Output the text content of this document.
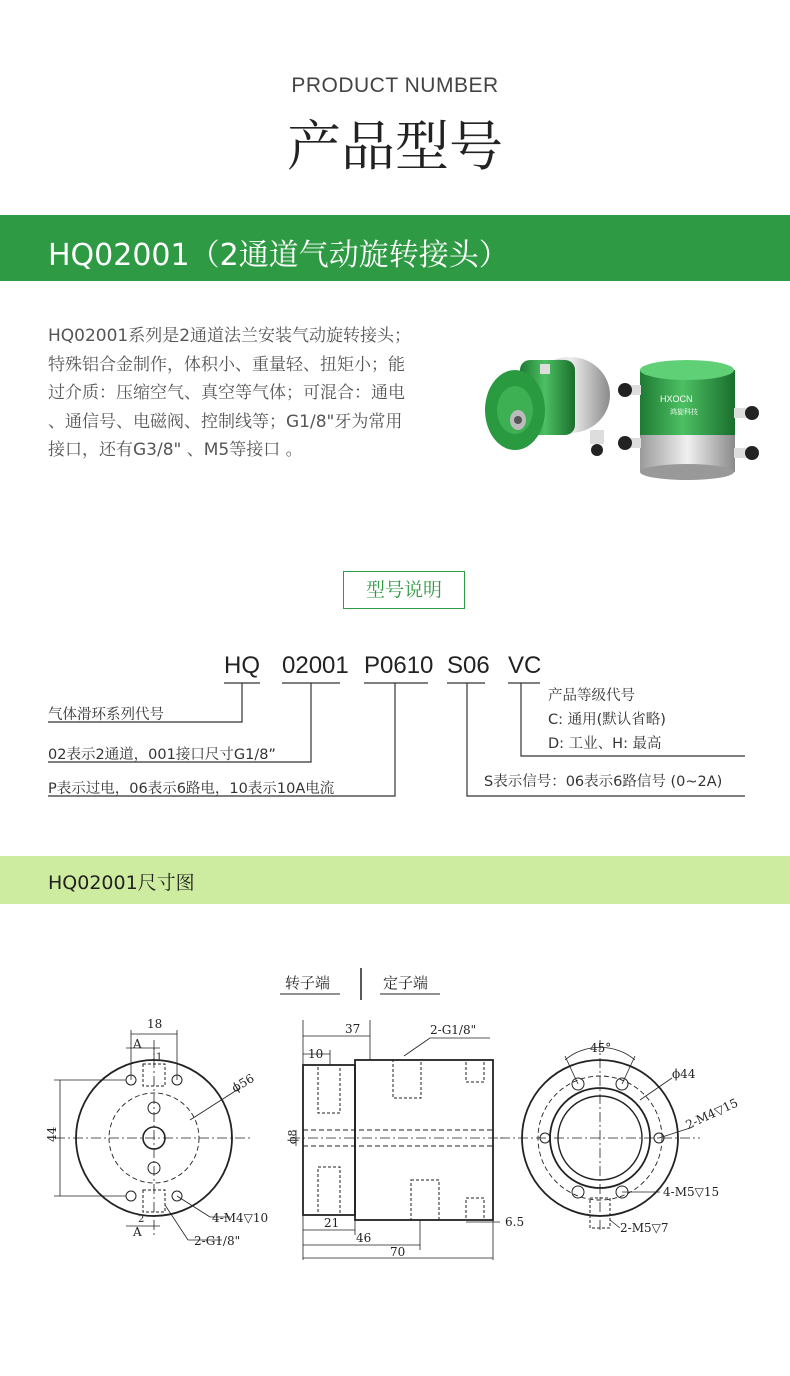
PRODUCT NUMBER
产品型号
HQ02001（2通道气动旋转接头）
HQ02001系列是2通道法兰安装气动旋转接头；
特殊铝合金制作，体积小、重量轻、扭矩小；能
过介质：压缩空气、真空等气体；可混合：通电
、通信号、电磁阀、控制线等；G1/8"牙为常用
接口，还有G3/8" 、M5等接口 。
HXOCN
鸿旋科技
型号说明
HQ 02001 P0610 S06 VC
气体滑环系列代号
02表示2通道，001接口尺寸G1/8”
P表示过电，06表示6路电，10表示10A电流
产品等级代号
C: 通用(默认省略)
D: 工业、H: 最高
S表示信号：06表示6路信号 (0~2A)
HQ02001尺寸图
转子端	定子端
18
A
1
44
ϕ56
2
A
4-M4▽10
2-G1/8"
37	2-G1/8"
10
ϕ8
21
46
70
6.5
45°
ϕ44
2-M4▽15
4-M5▽15
2-M5▽7
